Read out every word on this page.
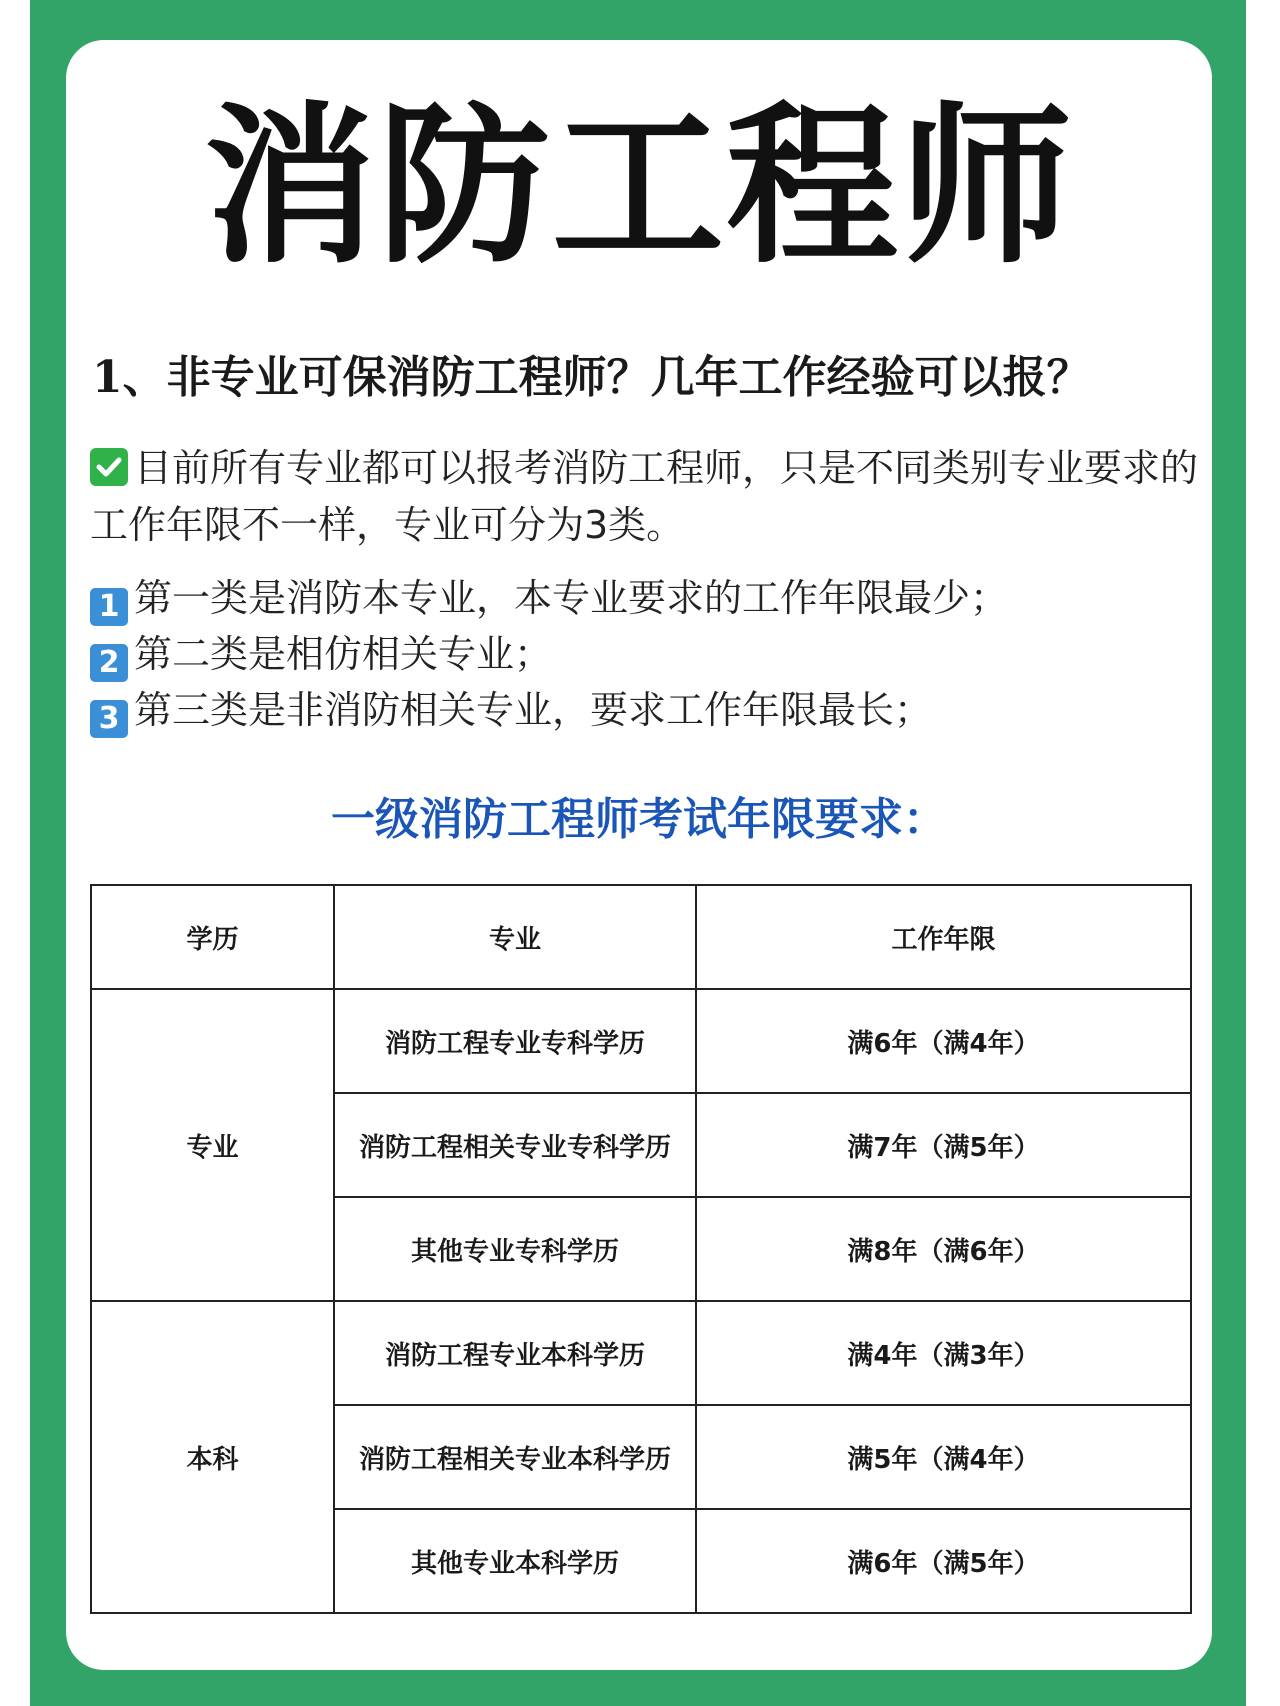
消防工程师

1、非专业可保消防工程师？几年工作经验可以报？

目前所有专业都可以报考消防工程师，只是不同类别专业要求的工作年限不一样，专业可分为3类。

1 第一类是消防本专业，本专业要求的工作年限最少；

2 第二类是相仿相关专业；

3 第三类是非消防相关专业，要求工作年限最长；

一级消防工程师考试年限要求：

学历	专业	工作年限
专业	消防工程专业专科学历	满6年（满4年）
	消防工程相关专业专科学历	满7年（满5年）
	其他专业专科学历	满8年（满6年）
本科	消防工程专业本科学历	满4年（满3年）
	消防工程相关专业本科学历	满5年（满4年）
	其他专业本科学历	满6年（满5年）
